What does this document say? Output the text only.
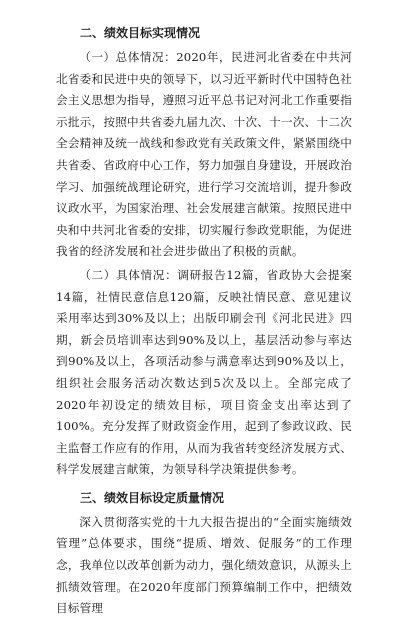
二、绩效目标实现情况

（一）总体情况：2020年，民进河北省委在中共河北省委和民进中央的领导下，以习近平新时代中国特色社会主义思想为指导，遵照习近平总书记对河北工作重要指示批示，按照中共省委九届九次、十次、十一次、十二次全会精神及统一战线和参政党有关政策文件，紧紧围绕中共省委、省政府中心工作，努力加强自身建设，开展政治学习、加强统战理论研究，进行学习交流培训，提升参政议政水平，为国家治理、社会发展建言献策。按照民进中央和中共河北省委的安排，切实履行参政党职能，为促进我省的经济发展和社会进步做出了积极的贡献。

（二）具体情况：调研报告12篇，省政协大会提案14篇，社情民意信息120篇，反映社情民意、意见建议采用率达到30%及以上；出版印刷会刊《河北民进》四期，新会员培训率达到90%及以上，基层活动参与率达到90%及以上，各项活动参与满意率达到90%及以上，组织社会服务活动次数达到5次及以上。全部完成了2020年初设定的绩效目标，项目资金支出率达到了100%。充分发挥了财政资金作用，起到了参政议政、民主监督工作应有的作用，从而为我省转变经济发展方式、科学发展建言献策，为领导科学决策提供参考。

三、绩效目标设定质量情况

深入贯彻落实党的十九大报告提出的“全面实施绩效管理”总体要求，围绕“提质、增效、促服务”的工作理念，我单位以改革创新为动力，强化绩效意识，从源头上抓绩效管理。在2020年度部门预算编制工作中，把绩效目标管理
